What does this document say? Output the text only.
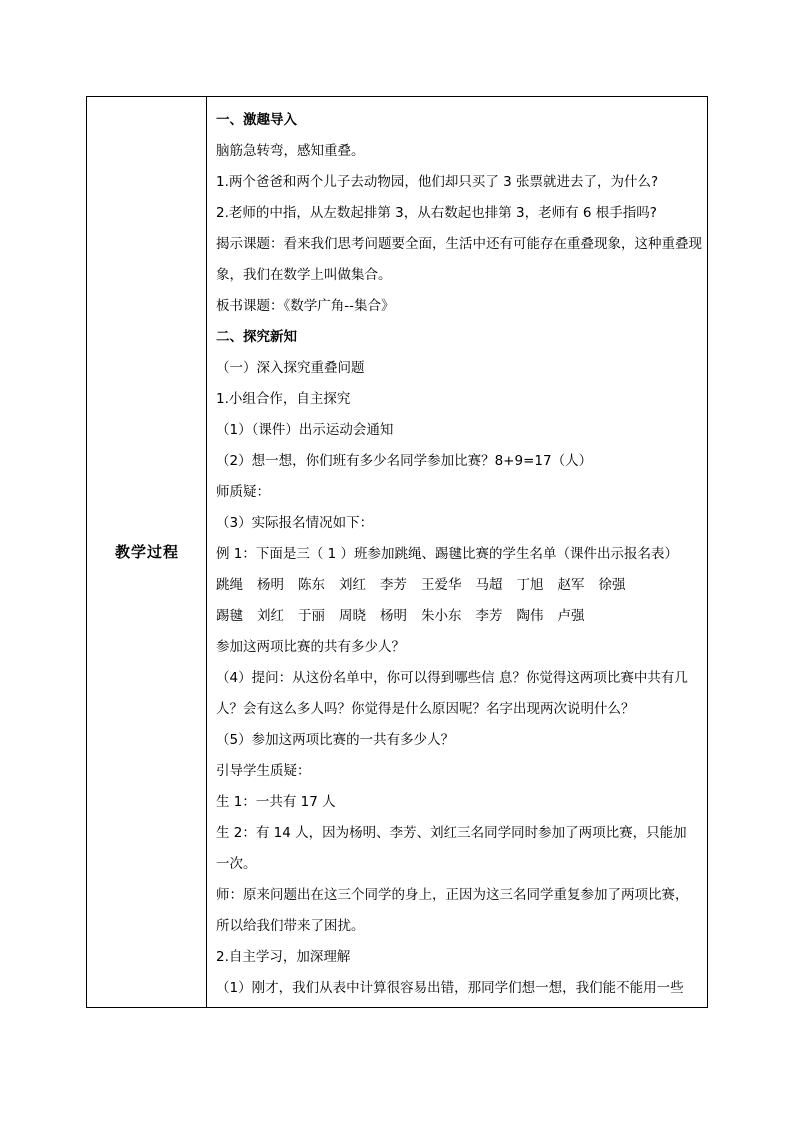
教学过程
一、激趣导入
脑筋急转弯，感知重叠。
1.两个爸爸和两个儿子去动物园，他们却只买了 3 张票就进去了，为什么?
2.老师的中指，从左数起排第 3，从右数起也排第 3，老师有 6 根手指吗?
揭示课题：看来我们思考问题要全面，生活中还有可能存在重叠现象，这种重叠现
象，我们在数学上叫做集合。
板书课题：《数学广角--集合》
二、探究新知
（一）深入探究重叠问题
1.小组合作，自主探究
（1）（课件）出示运动会通知
（2）想一想，你们班有多少名同学参加比赛？8+9=17（人）
师质疑：
（3）实际报名情况如下：
例 1：下面是三（ 1 ）班参加跳绳、踢毽比赛的学生名单（课件出示报名表）
跳绳 杨明 陈东 刘红 李芳 王爱华 马超 丁旭 赵军 徐强
踢毽 刘红 于丽 周晓 杨明 朱小东 李芳 陶伟 卢强
参加这两项比赛的共有多少人？
（4）提问：从这份名单中，你可以得到哪些信 息？你觉得这两项比赛中共有几
人？会有这么多人吗？你觉得是什么原因呢？名字出现两次说明什么？
（5）参加这两项比赛的一共有多少人？
引导学生质疑：
生 1：一共有 17 人
生 2：有 14 人，因为杨明、李芳、刘红三名同学同时参加了两项比赛，只能加
一次。
师：原来问题出在这三个同学的身上，正因为这三名同学重复参加了两项比赛，
所以给我们带来了困扰。
2.自主学习，加深理解
（1）刚才，我们从表中计算很容易出错，那同学们想一想，我们能不能用一些
